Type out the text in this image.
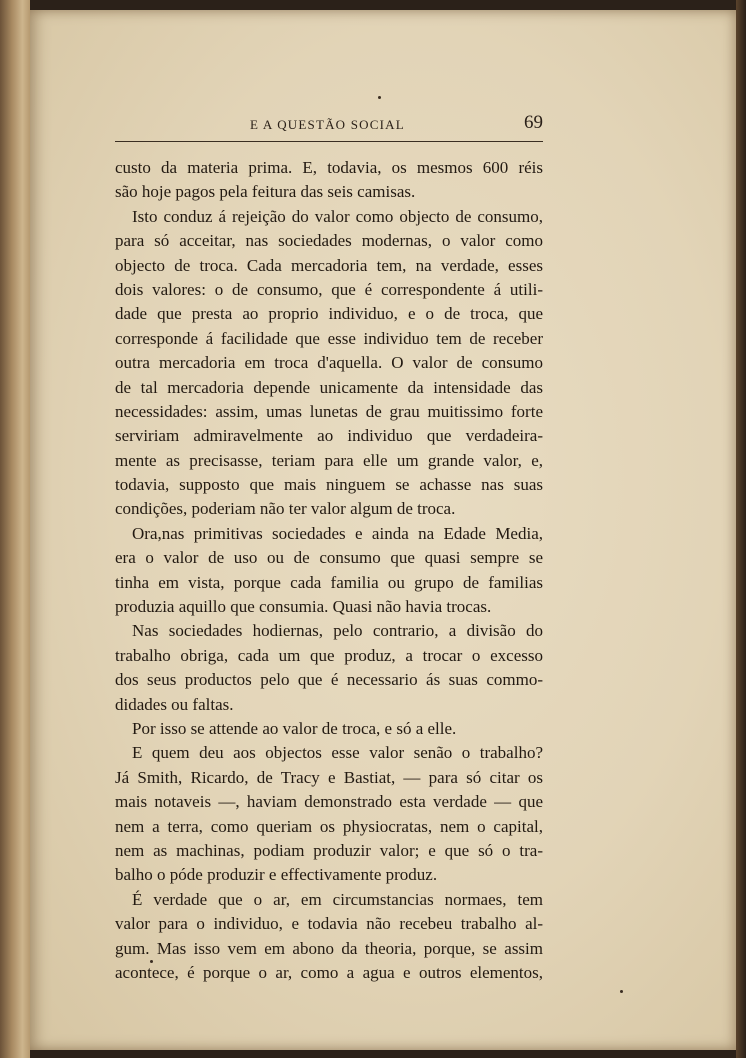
E A QUESTÃO SOCIAL	69
custo da materia prima. E, todavia, os mesmos 600 réis
são hoje pagos pela feitura das seis camisas.
Isto conduz á rejeição do valor como objecto de consumo,
para só acceitar, nas sociedades modernas, o valor como
objecto de troca. Cada mercadoria tem, na verdade, esses
dois valores: o de consumo, que é correspondente á utili-
dade que presta ao proprio individuo, e o de troca, que
corresponde á facilidade que esse individuo tem de receber
outra mercadoria em troca d'aquella. O valor de consumo
de tal mercadoria depende unicamente da intensidade das
necessidades: assim, umas lunetas de grau muitissimo forte
serviriam admiravelmente ao individuo que verdadeira-
mente as precisasse, teriam para elle um grande valor, e,
todavia, supposto que mais ninguem se achasse nas suas
condições, poderiam não ter valor algum de troca.
Ora,nas primitivas sociedades e ainda na Edade Media,
era o valor de uso ou de consumo que quasi sempre se
tinha em vista, porque cada familia ou grupo de familias
produzia aquillo que consumia. Quasi não havia trocas.
Nas sociedades hodiernas, pelo contrario, a divisão do
trabalho obriga, cada um que produz, a trocar o excesso
dos seus productos pelo que é necessario ás suas commo-
didades ou faltas.
Por isso se attende ao valor de troca, e só a elle.
E quem deu aos objectos esse valor senão o trabalho?
Já Smith, Ricardo, de Tracy e Bastiat, — para só citar os
mais notaveis —, haviam demonstrado esta verdade — que
nem a terra, como queriam os physiocratas, nem o capital,
nem as machinas, podiam produzir valor; e que só o tra-
balho o póde produzir e effectivamente produz.
É verdade que o ar, em circumstancias normaes, tem
valor para o individuo, e todavia não recebeu trabalho al-
gum. Mas isso vem em abono da theoria, porque, se assim
acontece, é porque o ar, como a agua e outros elementos,
